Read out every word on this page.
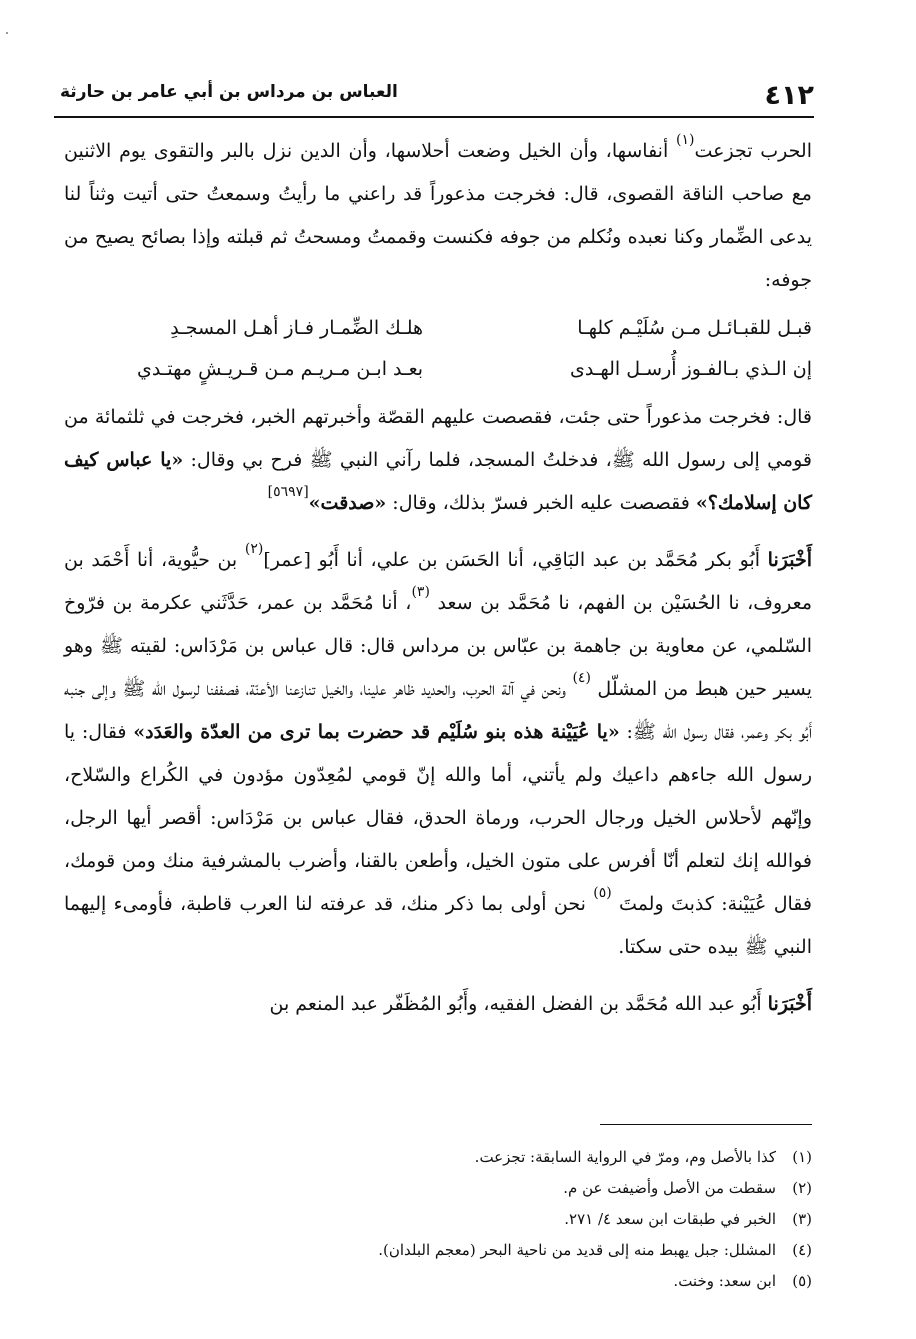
٤١٢
العباس بن مرداس بن أبي عامر بن حارثة

الحرب تجزعت$^{(١)}$ أنفاسها، وأن الخيل وضعت أحلاسها، وأن الدين نزل بالبر والتقوى يوم الاثنين مع صاحب الناقة القصوى، قال: فخرجت مذعوراً قد راعني ما رأيتُ وسمعتُ حتى أتيت وثناً لنا يدعى الضِّمار وكنا نعبده ونُكلم من جوفه فكنست وقممتُ ومسحتُ ثم قبلته وإذا بصائح يصيح من جوفه:

قبـل للقبـائـل مـن سُلَيْـم كلهـا
هلـك الضِّمـار فـاز أهـل المسجـدِ
إن الـذي بـالفـوز أُرسـل الهـدى
بعـد ابـن مـريـم مـن قـريـشٍ مهتـدي

قال: فخرجت مذعوراً حتى جئت، فقصصت عليهم القصّة وأخبرتهم الخبر، فخرجت في ثلثمائة من قومي إلى رسول الله ﷺ، فدخلتُ المسجد، فلما رآني النبي ﷺ فرح بي وقال: «يا عباس كيف كان إسلامك؟» فقصصت عليه الخبر فسرّ بذلك، وقال: «صدقت»[٥٦٩٧]

أَخْبَرَنا أَبُو بكر مُحَمَّد بن عبد البَاقِي، أنا الحَسَن بن علي، أنا أَبُو [عمر]$^{(٢)}$ بن حيُّوية، أنا أَحْمَد بن معروف، نا الحُسَيْن بن الفهم، نا مُحَمَّد بن سعد $^{(٣)}$، أنا مُحَمَّد بن عمر، حَدَّثَني عكرمة بن فرّوخ السّلمي، عن معاوية بن جاهمة بن عبّاس بن مرداس قال: قال عباس بن مَرْدَاس: لقيته ﷺ وهو يسير حين هبط من المشلّل $^{(٤)}$ ونحن في آلة الحرب، والحديد ظاهر علينا، والخيل تنازعنا الأعنّة، فصففنا لرسول الله ﷺ وإلى جنبه أَبُو بكر وعمر، فقال رسول الله ﷺ: «يا عُيَيْنة هذه بنو سُلَيْم قد حضرت بما ترى من العدّة والعَدَد» فقال: يا رسول الله جاءهم داعيك ولم يأتني، أما والله إنّ قومي لمُعِدّون مؤدون في الكُراع والسّلاح، وإنّهم لأحلاس الخيل ورجال الحرب، ورماة الحدق، فقال عباس بن مَرْدَاس: أقصر أيها الرجل، فوالله إنك لتعلم أنّا أفرس على متون الخيل، وأطعن بالقنا، وأضرب بالمشرفية منك ومن قومك، فقال عُيَيْنة: كذبتَ ولمتَ $^{(٥)}$ نحن أولى بما ذكر منك، قد عرفته لنا العرب قاطبة، فأومىء إليهما النبي ﷺ بيده حتى سكتا.

أَخْبَرَنا أَبُو عبد الله مُحَمَّد بن الفضل الفقيه، وأَبُو المُظَفّر عبد المنعم بن

(١)
كذا بالأصل وم، ومرّ في الرواية السابقة: تجزعت.
(٢)
سقطت من الأصل وأضيفت عن م.
(٣)
الخبر في طبقات ابن سعد ٤/ ٢٧١.
(٤)
المشلل: جبل يهبط منه إلى قديد من ناحية البحر (معجم البلدان).
(٥)
ابن سعد: وخنت.
